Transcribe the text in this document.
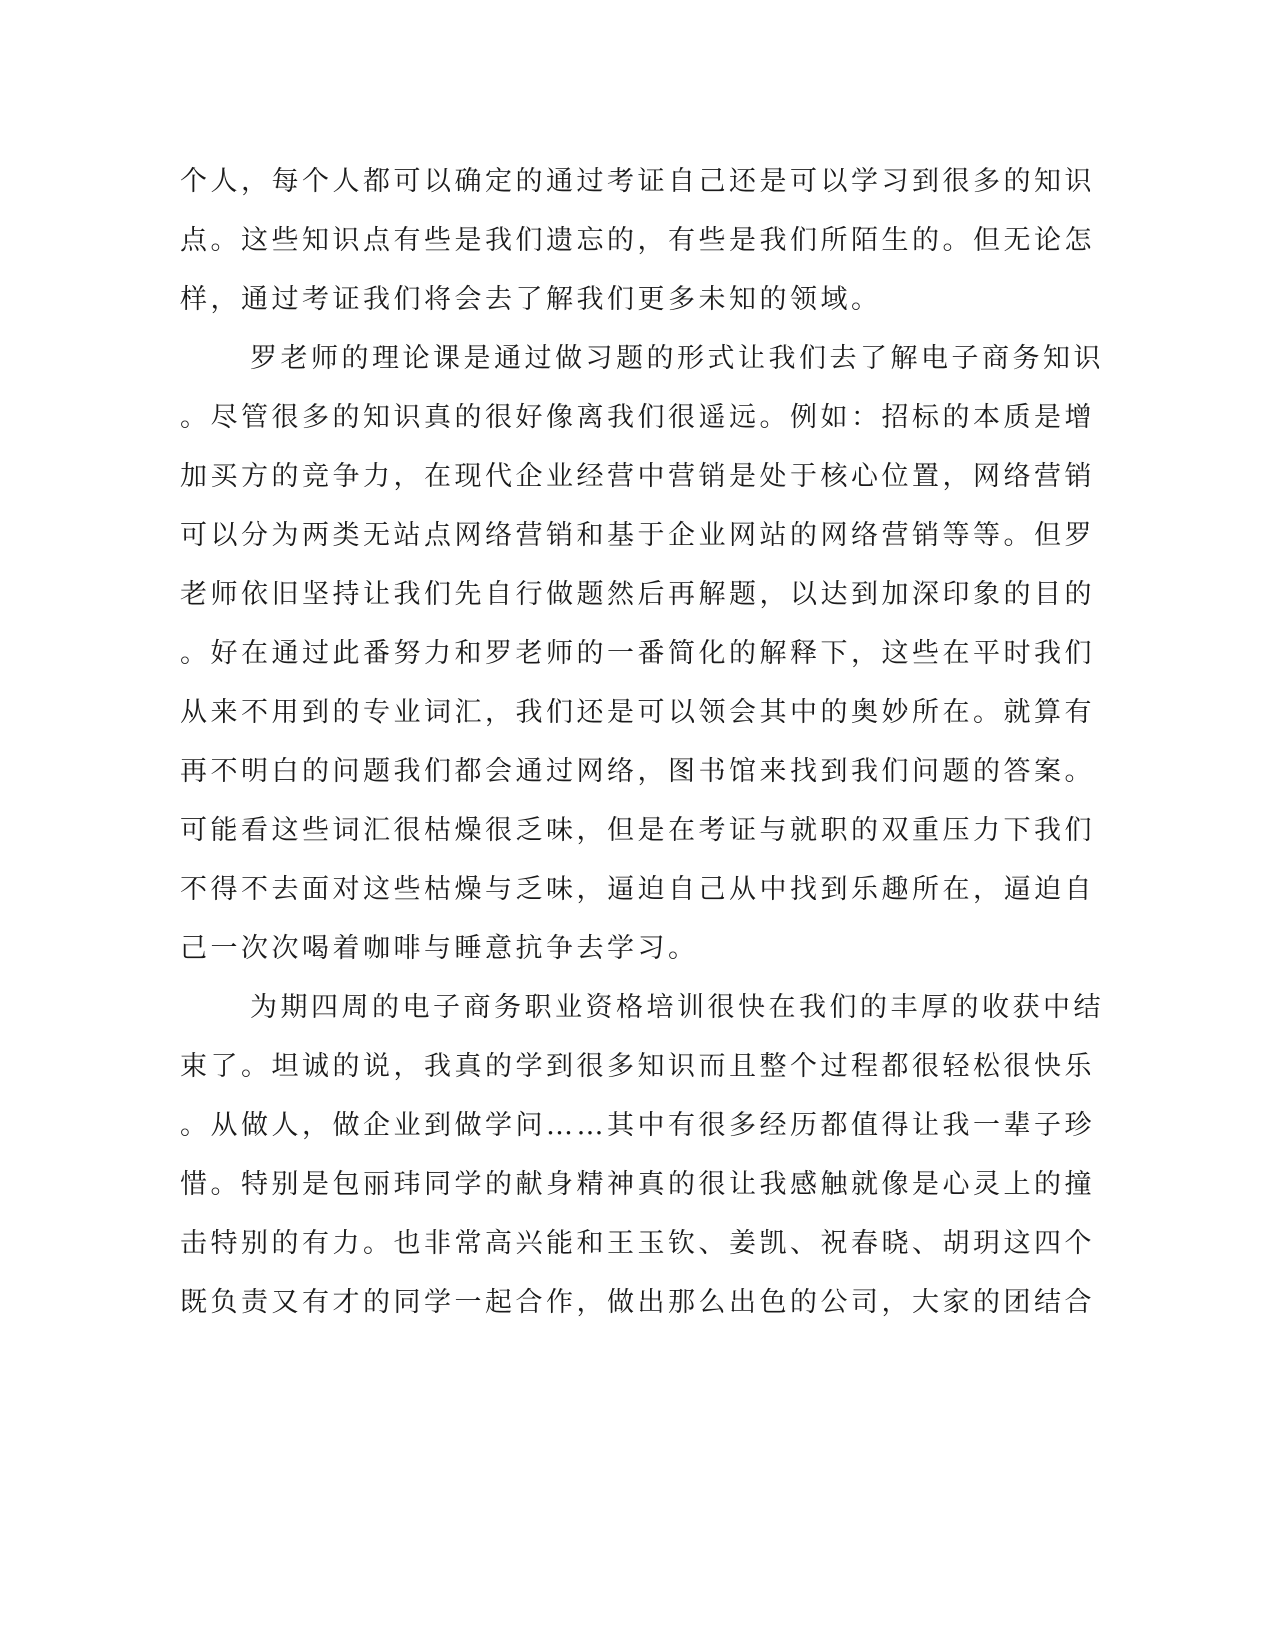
个人，每个人都可以确定的通过考证自己还是可以学习到很多的知识
点。这些知识点有些是我们遗忘的，有些是我们所陌生的。但无论怎
样，通过考证我们将会去了解我们更多未知的领域。
罗老师的理论课是通过做习题的形式让我们去了解电子商务知识
。尽管很多的知识真的很好像离我们很遥远。例如：招标的本质是增
加买方的竞争力，在现代企业经营中营销是处于核心位置，网络营销
可以分为两类无站点网络营销和基于企业网站的网络营销等等。但罗
老师依旧坚持让我们先自行做题然后再解题，以达到加深印象的目的
。好在通过此番努力和罗老师的一番简化的解释下，这些在平时我们
从来不用到的专业词汇，我们还是可以领会其中的奥妙所在。就算有
再不明白的问题我们都会通过网络，图书馆来找到我们问题的答案。
可能看这些词汇很枯燥很乏味，但是在考证与就职的双重压力下我们
不得不去面对这些枯燥与乏味，逼迫自己从中找到乐趣所在，逼迫自
己一次次喝着咖啡与睡意抗争去学习。
为期四周的电子商务职业资格培训很快在我们的丰厚的收获中结
束了。坦诚的说，我真的学到很多知识而且整个过程都很轻松很快乐
。从做人，做企业到做学问……其中有很多经历都值得让我一辈子珍
惜。特别是包丽玮同学的献身精神真的很让我感触就像是心灵上的撞
击特别的有力。也非常高兴能和王玉钦、姜凯、祝春晓、胡玥这四个
既负责又有才的同学一起合作，做出那么出色的公司，大家的团结合
